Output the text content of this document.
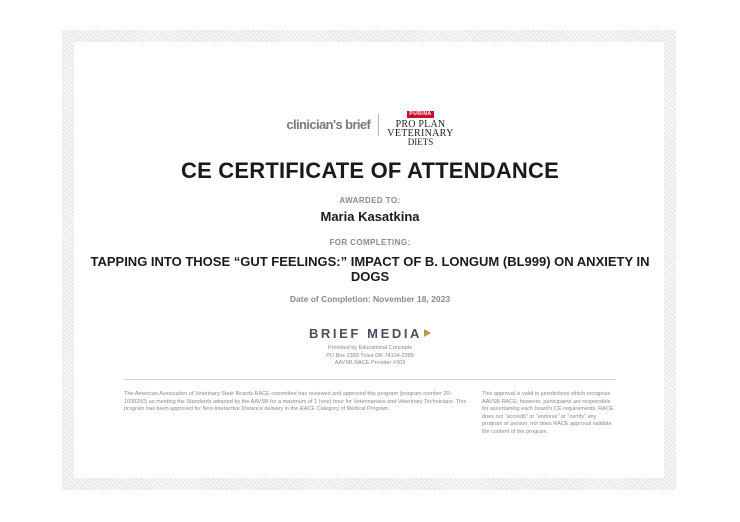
clinician's brief
PURINA
PRO PLAN
VETERINARY
DIETS
CE CERTIFICATE OF ATTENDANCE
AWARDED TO:
Maria Kasatkina
FOR COMPLETING:
TAPPING INTO THOSE “GUT FEELINGS:” IMPACT OF B. LONGUM (BL999) ON ANXIETY IN DOGS
Date of Completion: November 18, 2023
BRIEF MEDIA
Provided by Educational Concepts
PO Box 2389 Tulsa OK 74104-2389
AAVSB RACE Provider #309
The American Association of Veterinary State Boards RACE committee has reviewed and approved this program (program number 20-1039250) as meeting the Standards adopted by the AAVSB for a maximum of 1 (one) hour for Veterinarians and Veterinary Technicians. This program has been approved for Non-Interactive Distance delivery in the RACE Category of Medical Program.
This approval is valid in jurisdictions which recognize AAVSB RACE; however, participants are responsible for ascertaining each board's CE requirements. RACE does not "accredit" or "endorse" or "certify" any program or person, nor does RACE approval validate the content of the program.
